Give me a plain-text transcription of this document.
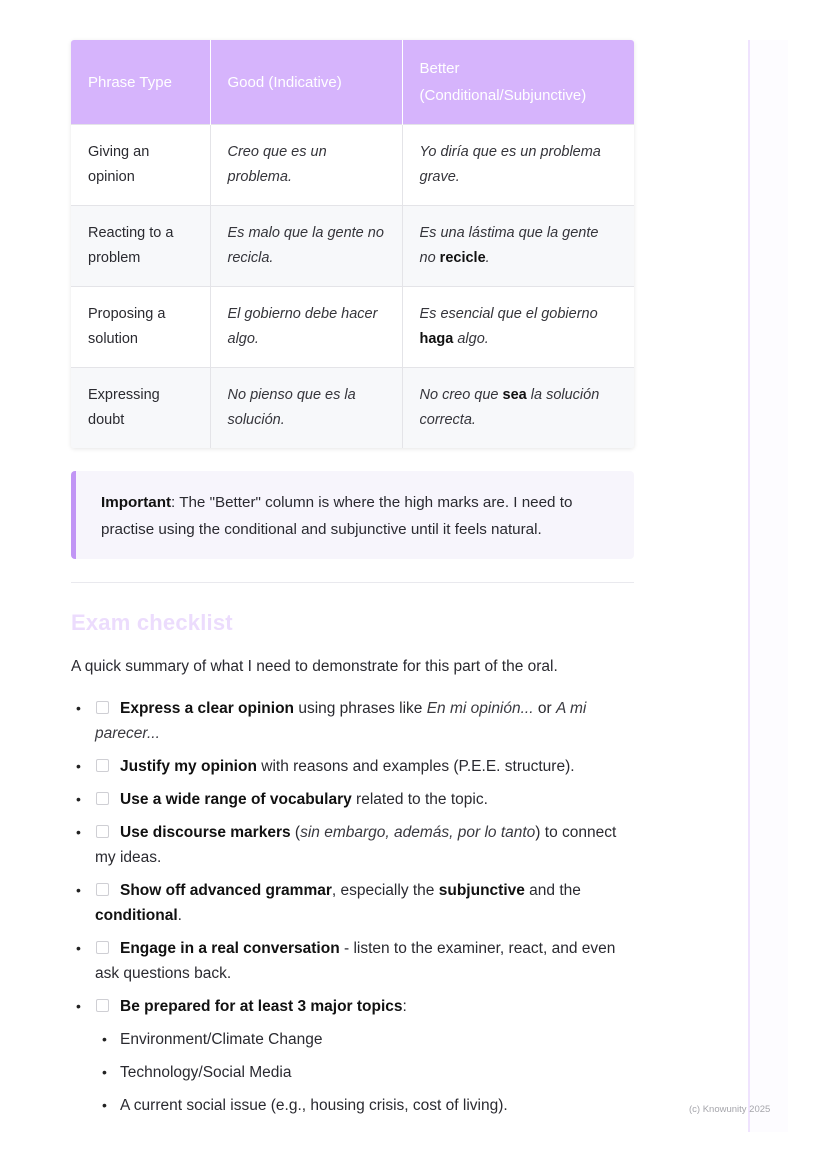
Phrase Type	Good (Indicative)	Better (Conditional/Subjunctive)
Giving an opinion	Creo que es un problema.	Yo diría que es un problema grave.
Reacting to a problem	Es malo que la gente no recicla.	Es una lástima que la gente no recicle.
Proposing a solution	El gobierno debe hacer algo.	Es esencial que el gobierno haga algo.
Expressing doubt	No pienso que es la solución.	No creo que sea la solución correcta.
Important: The "Better" column is where the high marks are. I need to practise using the conditional and subjunctive until it feels natural.
Exam checklist

A quick summary of what I need to demonstrate for this part of the oral.

•	Express a clear opinion using phrases like En mi opinión... or A mi parecer...
•	Justify my opinion with reasons and examples (P.E.E. structure).
•	Use a wide range of vocabulary related to the topic.
•	Use discourse markers (sin embargo, además, por lo tanto) to connect my ideas.
•	Show off advanced grammar, especially the subjunctive and the conditional.
•	Engage in a real conversation - listen to the examiner, react, and even ask questions back.
•	Be prepared for at least 3 major topics:
• Environment/Climate Change
• Technology/Social Media
• A current social issue (e.g., housing crisis, cost of living).	(c) Knowunity 2025
